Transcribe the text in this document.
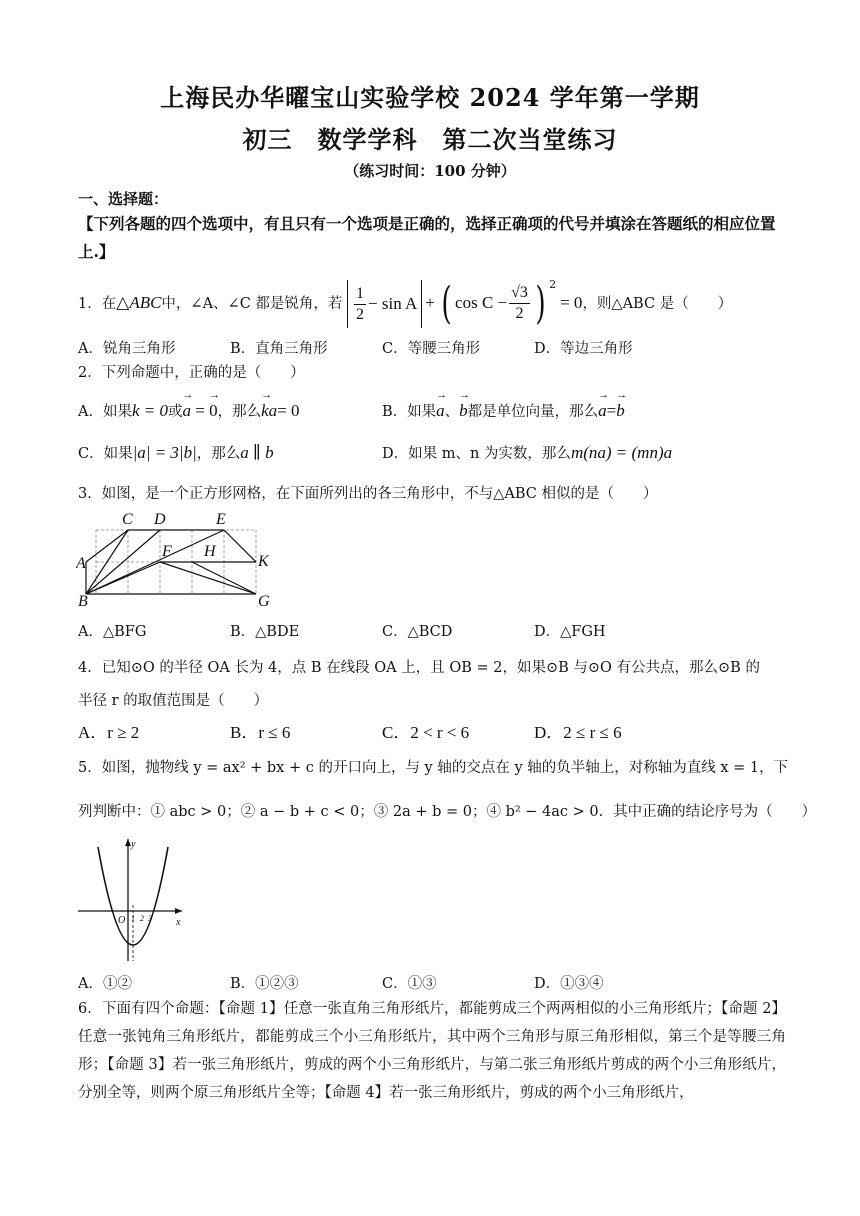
上海民办华曜宝山实验学校 2024 学年第一学期
初三　数学学科　第二次当堂练习
（练习时间：100 分钟）
一、选择题：
【下列各题的四个选项中，有且只有一个选项是正确的，选择正确项的代号并填涂在答题纸的相应位置上.】
1．在△ABC中，∠A、∠C 都是锐角，若 $\frac{1}{2} - \sin A$ + ( $\cos C - \frac{√3}{2}$ ) $^2$= 0，则△ABC 是（　　）
A．锐角三角形	B．直角三角形	C．等腰三角形	D．等边三角形
2．下列命题中，正确的是（　　）
A．如果k = 0或→ a = → 0，那么→ ka= 0	B．如果→ a、→ b都是单位向量，那么→ a=→ b
C．如果|a| = 3|b|，那么a ∥ b	D．如果 m、n 为实数，那么m(na) = (mn)a
3．如图，是一个正方形网格，在下面所列出的各三角形中，不与△ABC 相似的是（　　）
A
B
C D	E
F H
K
G
A．△BFG	B．△BDE	C．△BCD	D．△FGH
4．已知⊙O 的半径 OA 长为 4，点 B 在线段 OA 上，且 OB = 2，如果⊙B 与⊙O 有公共点，那么⊙B 的
半径 r 的取值范围是（　　）
A．r ≥ 2	B．r ≤ 6	C．2 < r < 6	D．2 ≤ r ≤ 6
5．如图，抛物线 y = ax² + bx + c 的开口向上，与 y 轴的交点在 y 轴的负半轴上，对称轴为直线 x = 1，下
列判断中：① abc > 0；② a − b + c < 0；③ 2a + b = 0；④ b² − 4ac > 0．其中正确的结论序号为（　　）
y
x
O 1 2 3
A．①②	B．①②③	C．①③	D．①③④
6．下面有四个命题：【命题 1】任意一张直角三角形纸片，都能剪成三个两两相似的小三角形纸片；【命题 2】任意一张钝角三角形纸片，都能剪成三个小三角形纸片，其中两个三角形与原三角形相似，第三个是等腰三角形；【命题 3】若一张三角形纸片，剪成的两个小三角形纸片，与第二张三角形纸片剪成的两个小三角形纸片，分别全等，则两个原三角形纸片全等；【命题 4】若一张三角形纸片，剪成的两个小三角形纸片，
